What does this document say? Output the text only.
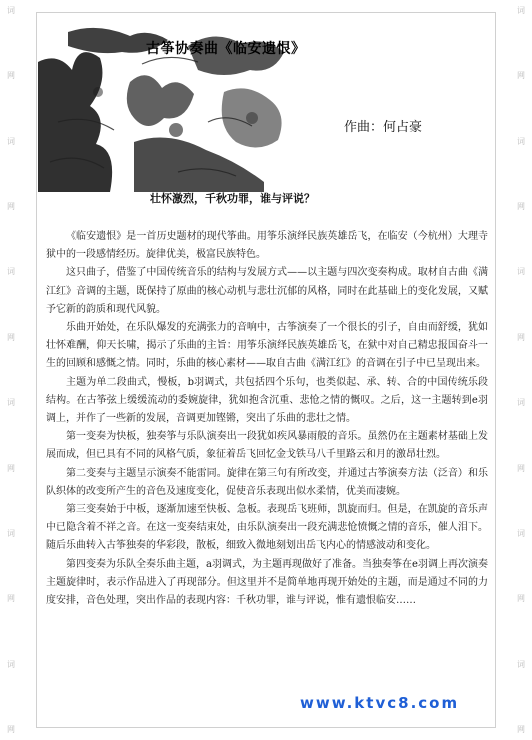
词
网
词
网
词
网
词
网
词
网
词
网
词
网
词
网
词
网
词
网
词
网
词
网
古筝协奏曲《临安遗恨》
作曲：何占豪
壮怀激烈，千秋功罪，谁与评说？

《临安遗恨》是一首历史题材的现代筝曲。用筝乐演绎民族英雄岳飞，在临安（今杭州）大理寺狱中的一段感情经历。旋律优美，极富民族特色。

这只曲子，借鉴了中国传统音乐的结构与发展方式——以主题与四次变奏构成。取材自古曲《满江红》音调的主题，既保持了原曲的核心动机与悲壮沉郁的风格，同时在此基础上的变化发展，又赋予它新的韵质和现代风貌。

乐曲开始处，在乐队爆发的充满张力的音响中，古筝演奏了一个很长的引子，自由而舒缓，犹如壮怀难酬，仰天长啸，揭示了乐曲的主旨：用筝乐演绎民族英雄岳飞，在狱中对自己精忠报国奋斗一生的回顾和感慨之情。同时，乐曲的核心素材——取自古曲《满江红》的音调在引子中已呈现出来。

主题为单二段曲式，慢板，b羽调式，共包括四个乐句，也类似起、承、转、合的中国传统乐段结构。在古筝弦上缓缓流动的委婉旋律，犹如抱含沉重、悲怆之情的慨叹。之后，这一主题转到e羽调上，并作了一些新的发展，音调更加铿锵，突出了乐曲的悲壮之情。

第一变奏为快板，独奏筝与乐队演奏出一段犹如疾风暴雨般的音乐。虽然仍在主题素材基础上发展而成，但已具有不同的风格气质，象征着岳飞回忆金戈铁马八千里路云和月的激昂壮烈。

第二变奏与主题呈示演奏不能雷同。旋律在第三句有所改变，并通过古筝演奏方法（泛音）和乐队织体的改变所产生的音色及速度变化，促使音乐表现出似水柔情，优美而凄婉。

第三变奏始于中板，逐渐加速至快板、急板。表现岳飞班师，凯旋而归。但是，在凯旋的音乐声中已隐含着不祥之音。在这一变奏结束处，由乐队演奏出一段充满悲怆愤慨之情的音乐，催人泪下。随后乐曲转入古筝独奏的华彩段，散板，细致入微地刻划出岳飞内心的情感波动和变化。

第四变奏为乐队全奏乐曲主题，a羽调式，为主题再现做好了准备。当独奏筝在e羽调上再次演奏主题旋律时，表示作品进入了再现部分。但这里并不是简单地再现开始处的主题，而是通过不同的力度安排，音色处理，突出作品的表现内容：千秋功罪，谁与评说，惟有遗恨临安……

www.ktvc8.com
